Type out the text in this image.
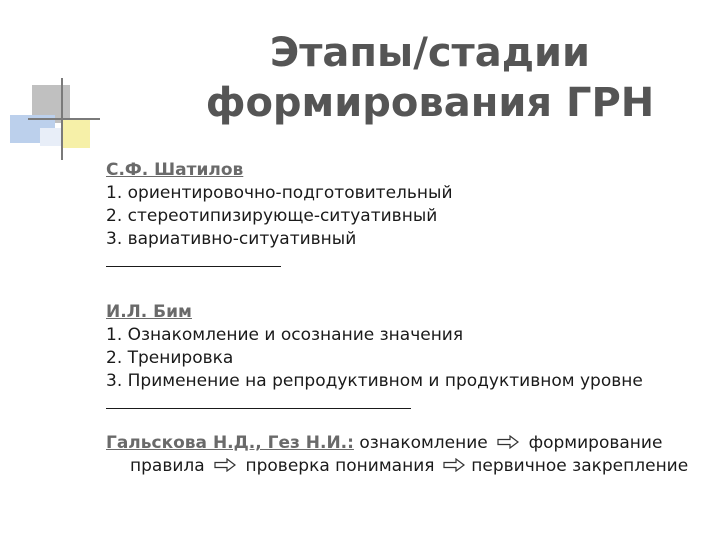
Этапы/стадии
формирования ГРН
С.Ф. Шатилов
1. ориентировочно-подготовительный
2. стереотипизирующе-ситуативный
3. вариативно-ситуативный
И.Л. Бим
1. Ознакомление и осознание значения
2. Тренировка
3. Применение на репродуктивном и продуктивном уровне
Гальскова Н.Д., Гез Н.И.: ознакомление формирование
правила проверка понимания первичное закрепление
